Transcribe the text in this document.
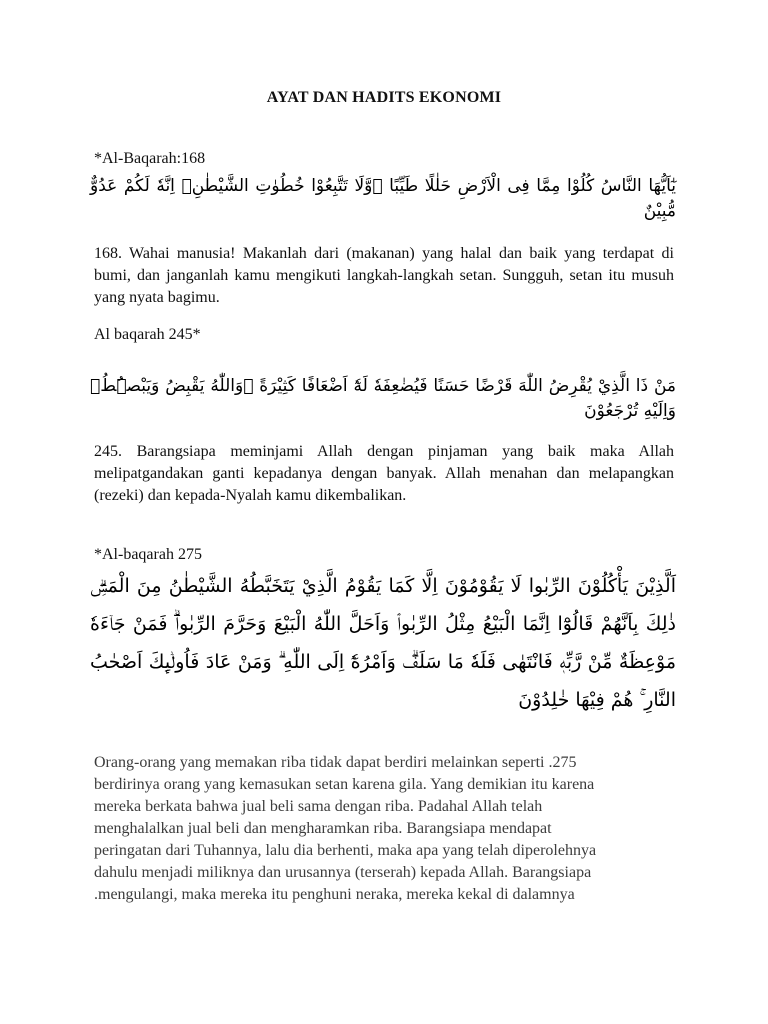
AYAT DAN HADITS EKONOMI
*Al-Baqarah:168
يٰٓاَيُّهَا النَّاسُ كُلُوْا مِمَّا فِى الْاَرْضِ حَلٰلًا طَيِّبًا ۖوَّلَا تَتَّبِعُوْا خُطُوٰتِ الشَّيْطٰنِۗ اِنَّهٗ لَكُمْ عَدُوٌّ مُّبِيْنٌ
168. Wahai manusia! Makanlah dari (makanan) yang halal dan baik yang terdapat di bumi, dan janganlah kamu mengikuti langkah-langkah setan. Sungguh, setan itu musuh yang nyata bagimu.
Al baqarah 245*
مَنْ ذَا الَّذِيْ يُقْرِضُ اللّٰهَ قَرْضًا حَسَنًا فَيُضٰعِفَهٗ لَهٗٓ اَضْعَافًا كَثِيْرَةً ۗوَاللّٰهُ يَقْبِضُ وَيَبْصُۣطُۖ وَاِلَيْهِ تُرْجَعُوْنَ
245. Barangsiapa meminjami Allah dengan pinjaman yang baik maka Allah melipatgandakan ganti kepadanya dengan banyak. Allah menahan dan melapangkan (rezeki) dan kepada-Nyalah kamu dikembalikan.
*Al-baqarah 275
اَلَّذِيْنَ يَأْكُلُوْنَ الرِّبٰوا لَا يَقُوْمُوْنَ اِلَّا كَمَا يَقُوْمُ الَّذِيْ يَتَخَبَّطُهُ الشَّيْطٰنُ مِنَ الْمَسِّۗ ذٰلِكَ بِاَنَّهُمْ قَالُوْٓا اِنَّمَا الْبَيْعُ مِثْلُ الرِّبٰواۘ وَاَحَلَّ اللّٰهُ الْبَيْعَ وَحَرَّمَ الرِّبٰواۗ فَمَنْ جَاۤءَهٗ مَوْعِظَةٌ مِّنْ رَّبِّهٖ فَانْتَهٰى فَلَهٗ مَا سَلَفَۗ وَاَمْرُهٗٓ اِلَى اللّٰهِ ۗ وَمَنْ عَادَ فَاُولٰۤىِٕكَ اَصْحٰبُ النَّارِ ۚ هُمْ فِيْهَا خٰلِدُوْنَ
Orang-orang yang memakan riba tidak dapat berdiri melainkan seperti .275
berdirinya orang yang kemasukan setan karena gila. Yang demikian itu karena
mereka berkata bahwa jual beli sama dengan riba. Padahal Allah telah
menghalalkan jual beli dan mengharamkan riba. Barangsiapa mendapat
peringatan dari Tuhannya, lalu dia berhenti, maka apa yang telah diperolehnya
dahulu menjadi miliknya dan urusannya (terserah) kepada Allah. Barangsiapa
.mengulangi, maka mereka itu penghuni neraka, mereka kekal di dalamnya
